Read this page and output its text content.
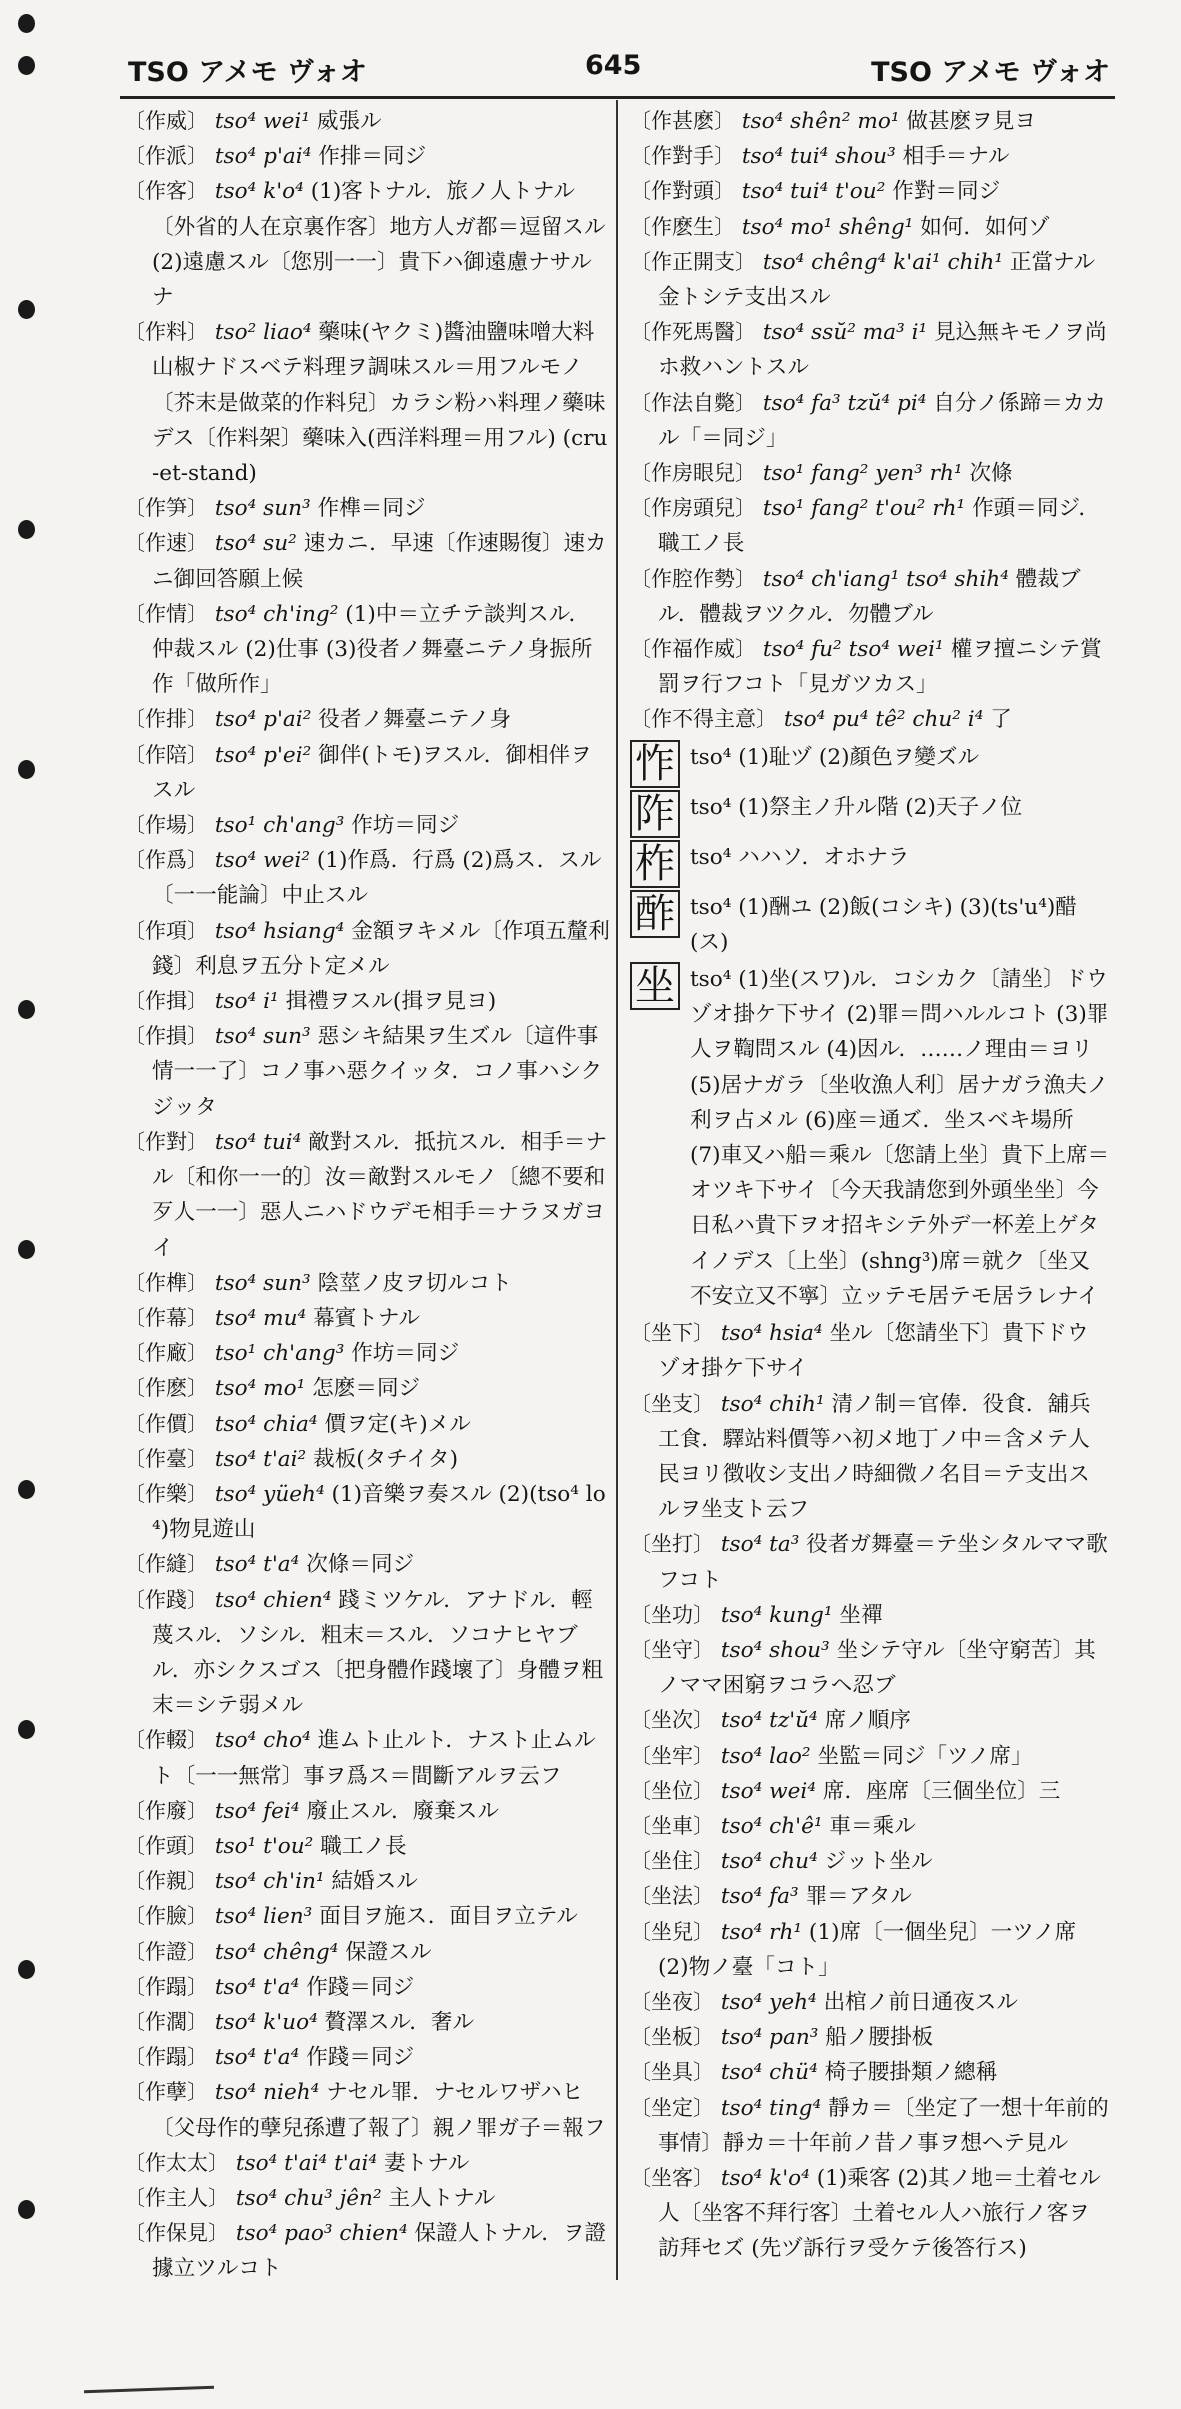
TSO アメモ ヴォオ	645	TSO アメモ ヴォオ
〔作威〕 tso⁴ wei¹ 威張ル
〔作派〕 tso⁴ p'ai⁴ 作排＝同ジ
〔作客〕 tso⁴ k'o⁴ (1)客トナル．旅ノ人トナル〔外省的人在京裏作客〕地方人ガ都＝逗留スル (2)遠慮スル〔您別一一〕貴下ハ御遠慮ナサルナ
〔作料〕 tso² liao⁴ 藥味(ヤクミ)醬油鹽味噌大料山椒ナドスベテ料理ヲ調味スル＝用フルモノ〔芥末是做菜的作料兒〕カラシ粉ハ料理ノ藥味デス〔作料架〕藥味入(西洋料理＝用フル) (cru-et-stand)
〔作笋〕 tso⁴ sun³ 作榫＝同ジ
〔作速〕 tso⁴ su² 速カニ．早速〔作速賜復〕速カニ御回答願上候
〔作情〕 tso⁴ ch'ing² (1)中＝立チテ談判スル．仲裁スル (2)仕事 (3)役者ノ舞臺ニテノ身振所作「做所作」
〔作排〕 tso⁴ p'ai² 役者ノ舞臺ニテノ身
〔作陪〕 tso⁴ p'ei² 御伴(トモ)ヲスル．御相伴ヲスル
〔作場〕 tso¹ ch'ang³ 作坊＝同ジ
〔作爲〕 tso⁴ wei² (1)作爲．行爲 (2)爲ス．スル〔一一能論〕中止スル
〔作項〕 tso⁴ hsiang⁴ 金額ヲキメル〔作項五釐利錢〕利息ヲ五分ト定メル
〔作揖〕 tso⁴ i¹ 揖禮ヲスル(揖ヲ見ヨ)
〔作損〕 tso⁴ sun³ 惡シキ結果ヲ生ズル〔這件事情一一了〕コノ事ハ惡クイッタ．コノ事ハシクジッタ
〔作對〕 tso⁴ tui⁴ 敵對スル．抵抗スル．相手＝ナル〔和你一一的〕汝＝敵對スルモノ〔總不要和歹人一一〕惡人ニハドウデモ相手＝ナラヌガヨイ
〔作榫〕 tso⁴ sun³ 陰莖ノ皮ヲ切ルコト
〔作幕〕 tso⁴ mu⁴ 幕賓トナル
〔作廠〕 tso¹ ch'ang³ 作坊＝同ジ
〔作麽〕 tso⁴ mo¹ 怎麽＝同ジ
〔作價〕 tso⁴ chia⁴ 價ヲ定(キ)メル
〔作臺〕 tso⁴ t'ai² 裁板(タチイタ)
〔作樂〕 tso⁴ yüeh⁴ (1)音樂ヲ奏スル (2)(tso⁴ lo⁴)物見遊山
〔作縫〕 tso⁴ t'a⁴ 次條＝同ジ
〔作踐〕 tso⁴ chien⁴ 踐ミツケル．アナドル．輕蔑スル．ソシル．粗末＝スル．ソコナヒヤブル．亦シクスゴス〔把身體作踐壞了〕身體ヲ粗末＝シテ弱メル
〔作輟〕 tso⁴ cho⁴ 進ムト止ルト．ナスト止ムルト〔一一無常〕事ヲ爲ス＝間斷アルヲ云フ
〔作廢〕 tso⁴ fei⁴ 廢止スル．廢棄スル
〔作頭〕 tso¹ t'ou² 職工ノ長
〔作親〕 tso⁴ ch'in¹ 結婚スル
〔作臉〕 tso⁴ lien³ 面目ヲ施ス．面目ヲ立テル
〔作證〕 tso⁴ chêng⁴ 保證スル
〔作蹋〕 tso⁴ t'a⁴ 作踐＝同ジ
〔作濶〕 tso⁴ k'uo⁴ 贅澤スル．奢ル
〔作蹋〕 tso⁴ t'a⁴ 作踐＝同ジ
〔作孽〕 tso⁴ nieh⁴ ナセル罪．ナセルワザハヒ〔父母作的孽兒孫遭了報了〕親ノ罪ガ子＝報フ
〔作太太〕 tso⁴ t'ai⁴ t'ai⁴ 妻トナル
〔作主人〕 tso⁴ chu³ jên² 主人トナル
〔作保見〕 tso⁴ pao³ chien⁴ 保證人トナル．ヲ證據立ツルコト
〔作甚麽〕 tso⁴ shên² mo¹ 做甚麽ヲ見ヨ
〔作對手〕 tso⁴ tui⁴ shou³ 相手＝ナル
〔作對頭〕 tso⁴ tui⁴ t'ou² 作對＝同ジ
〔作麽生〕 tso⁴ mo¹ shêng¹ 如何．如何ゾ
〔作正開支〕 tso⁴ chêng⁴ k'ai¹ chih¹ 正當ナル金トシテ支出スル
〔作死馬醫〕 tso⁴ ssŭ² ma³ i¹ 見込無キモノヲ尚ホ救ハントスル
〔作法自斃〕 tso⁴ fa³ tzŭ⁴ pi⁴ 自分ノ係蹄＝カカル「＝同ジ」
〔作房眼兒〕 tso¹ fang² yen³ rh¹ 次條
〔作房頭兒〕 tso¹ fang² t'ou² rh¹ 作頭＝同ジ．職工ノ長
〔作腔作勢〕 tso⁴ ch'iang¹ tso⁴ shih⁴ 體裁ブル．體裁ヲツクル．勿體ブル
〔作福作威〕 tso⁴ fu² tso⁴ wei¹ 權ヲ擅ニシテ賞罰ヲ行フコト「見ガツカス」
〔作不得主意〕 tso⁴ pu⁴ tê² chu² i⁴ 了
怍 tso⁴ (1)耻ヅ (2)顏色ヲ變ズル
阼 tso⁴ (1)祭主ノ升ル階 (2)天子ノ位
柞 tso⁴ ハハソ．オホナラ
酢 tso⁴ (1)酬ユ (2)飯(コシキ) (3)(ts'u⁴)醋(ス)
坐 tso⁴ (1)坐(スワ)ル．コシカク〔請坐〕ドウゾオ掛ケ下サイ (2)罪＝問ハルルコト (3)罪人ヲ鞫問スル (4)因ル．……ノ理由＝ヨリ (5)居ナガラ〔坐收漁人利〕居ナガラ漁夫ノ利ヲ占メル (6)座＝通ズ．坐スベキ場所 (7)車又ハ船＝乘ル〔您請上坐〕貴下上席＝オツキ下サイ〔今天我請您到外頭坐坐〕今日私ハ貴下ヲオ招キシテ外デ一杯差上ゲタイノデス〔上坐〕(shng³)席＝就ク〔坐又不安立又不寧〕立ッテモ居テモ居ラレナイ
〔坐下〕 tso⁴ hsia⁴ 坐ル〔您請坐下〕貴下ドウゾオ掛ケ下サイ
〔坐支〕 tso⁴ chih¹ 清ノ制＝官俸．役食．舖兵工食．驛站料價等ハ初メ地丁ノ中＝含メテ人民ヨリ徴收シ支出ノ時細微ノ名目＝テ支出スルヲ坐支ト云フ
〔坐打〕 tso⁴ ta³ 役者ガ舞臺＝テ坐シタルママ歌フコト
〔坐功〕 tso⁴ kung¹ 坐禪
〔坐守〕 tso⁴ shou³ 坐シテ守ル〔坐守窮苦〕其ノママ困窮ヲコラヘ忍ブ
〔坐次〕 tso⁴ tz'ŭ⁴ 席ノ順序
〔坐牢〕 tso⁴ lao² 坐監＝同ジ「ツノ席」
〔坐位〕 tso⁴ wei⁴ 席．座席〔三個坐位〕三
〔坐車〕 tso⁴ ch'ê¹ 車＝乘ル
〔坐住〕 tso⁴ chu⁴ ジット坐ル
〔坐法〕 tso⁴ fa³ 罪＝アタル
〔坐兒〕 tso⁴ rh¹ (1)席〔一個坐兒〕一ツノ席 (2)物ノ臺「コト」
〔坐夜〕 tso⁴ yeh⁴ 出棺ノ前日通夜スル
〔坐板〕 tso⁴ pan³ 船ノ腰掛板
〔坐具〕 tso⁴ chü⁴ 椅子腰掛類ノ總稱
〔坐定〕 tso⁴ ting⁴ 靜カ＝〔坐定了一想十年前的事情〕靜カ＝十年前ノ昔ノ事ヲ想ヘテ見ル
〔坐客〕 tso⁴ k'o⁴ (1)乘客 (2)其ノ地＝土着セル人〔坐客不拜行客〕土着セル人ハ旅行ノ客ヲ訪拜セズ (先ヅ訴行ヲ受ケテ後答行ス)
